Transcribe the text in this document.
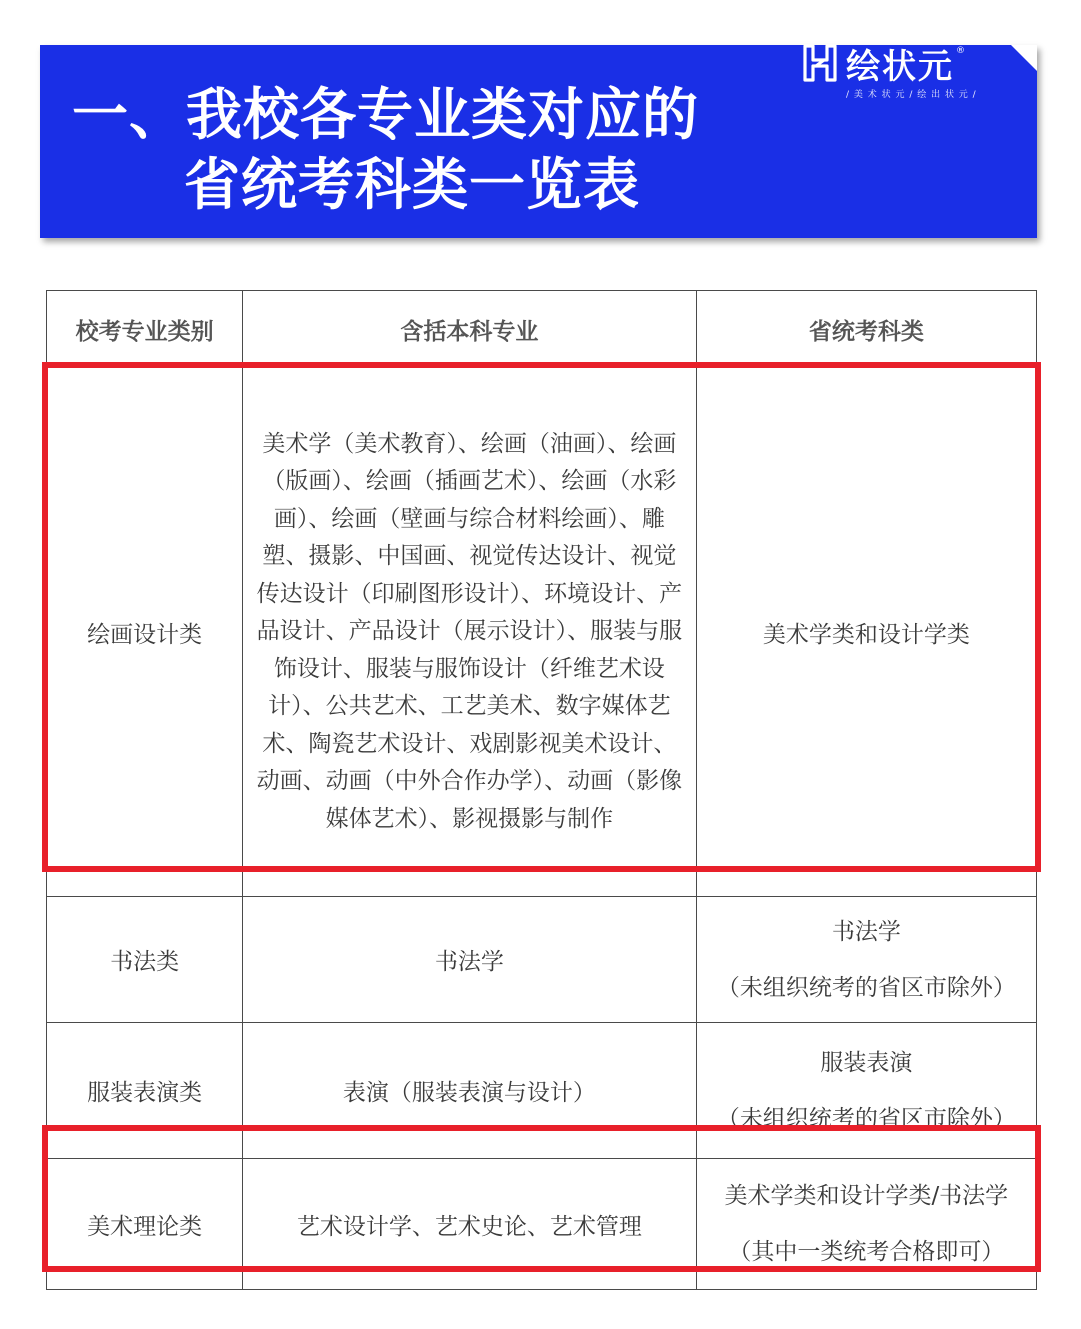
一、我校各专业类对应的
省统考科类一览表
绘状元 ®
/ 美 术 状 元 / 绘 出 状 元 /
校考专业类别	含括本科专业	省统考科类
绘画设计类	美术学（美术教育）、绘画（油画）、绘画（版画）、绘画（插画艺术）、绘画（水彩画）、绘画（壁画与综合材料绘画）、雕塑、摄影、中国画、视觉传达设计、视觉传达设计（印刷图形设计）、环境设计、产品设计、产品设计（展示设计）、服装与服饰设计、服装与服饰设计（纤维艺术设计）、公共艺术、工艺美术、数字媒体艺术、陶瓷艺术设计、戏剧影视美术设计、动画、动画（中外合作办学）、动画（影像媒体艺术）、影视摄影与制作	美术学类和设计学类
书法类	书法学	书法学
（未组织统考的省区市除外）

服装表演类	表演（服装表演与设计）	服装表演
（未组织统考的省区市除外）

美术理论类	艺术设计学、艺术史论、艺术管理	美术学类和设计学类/书法学
（其中一类统考合格即可）
